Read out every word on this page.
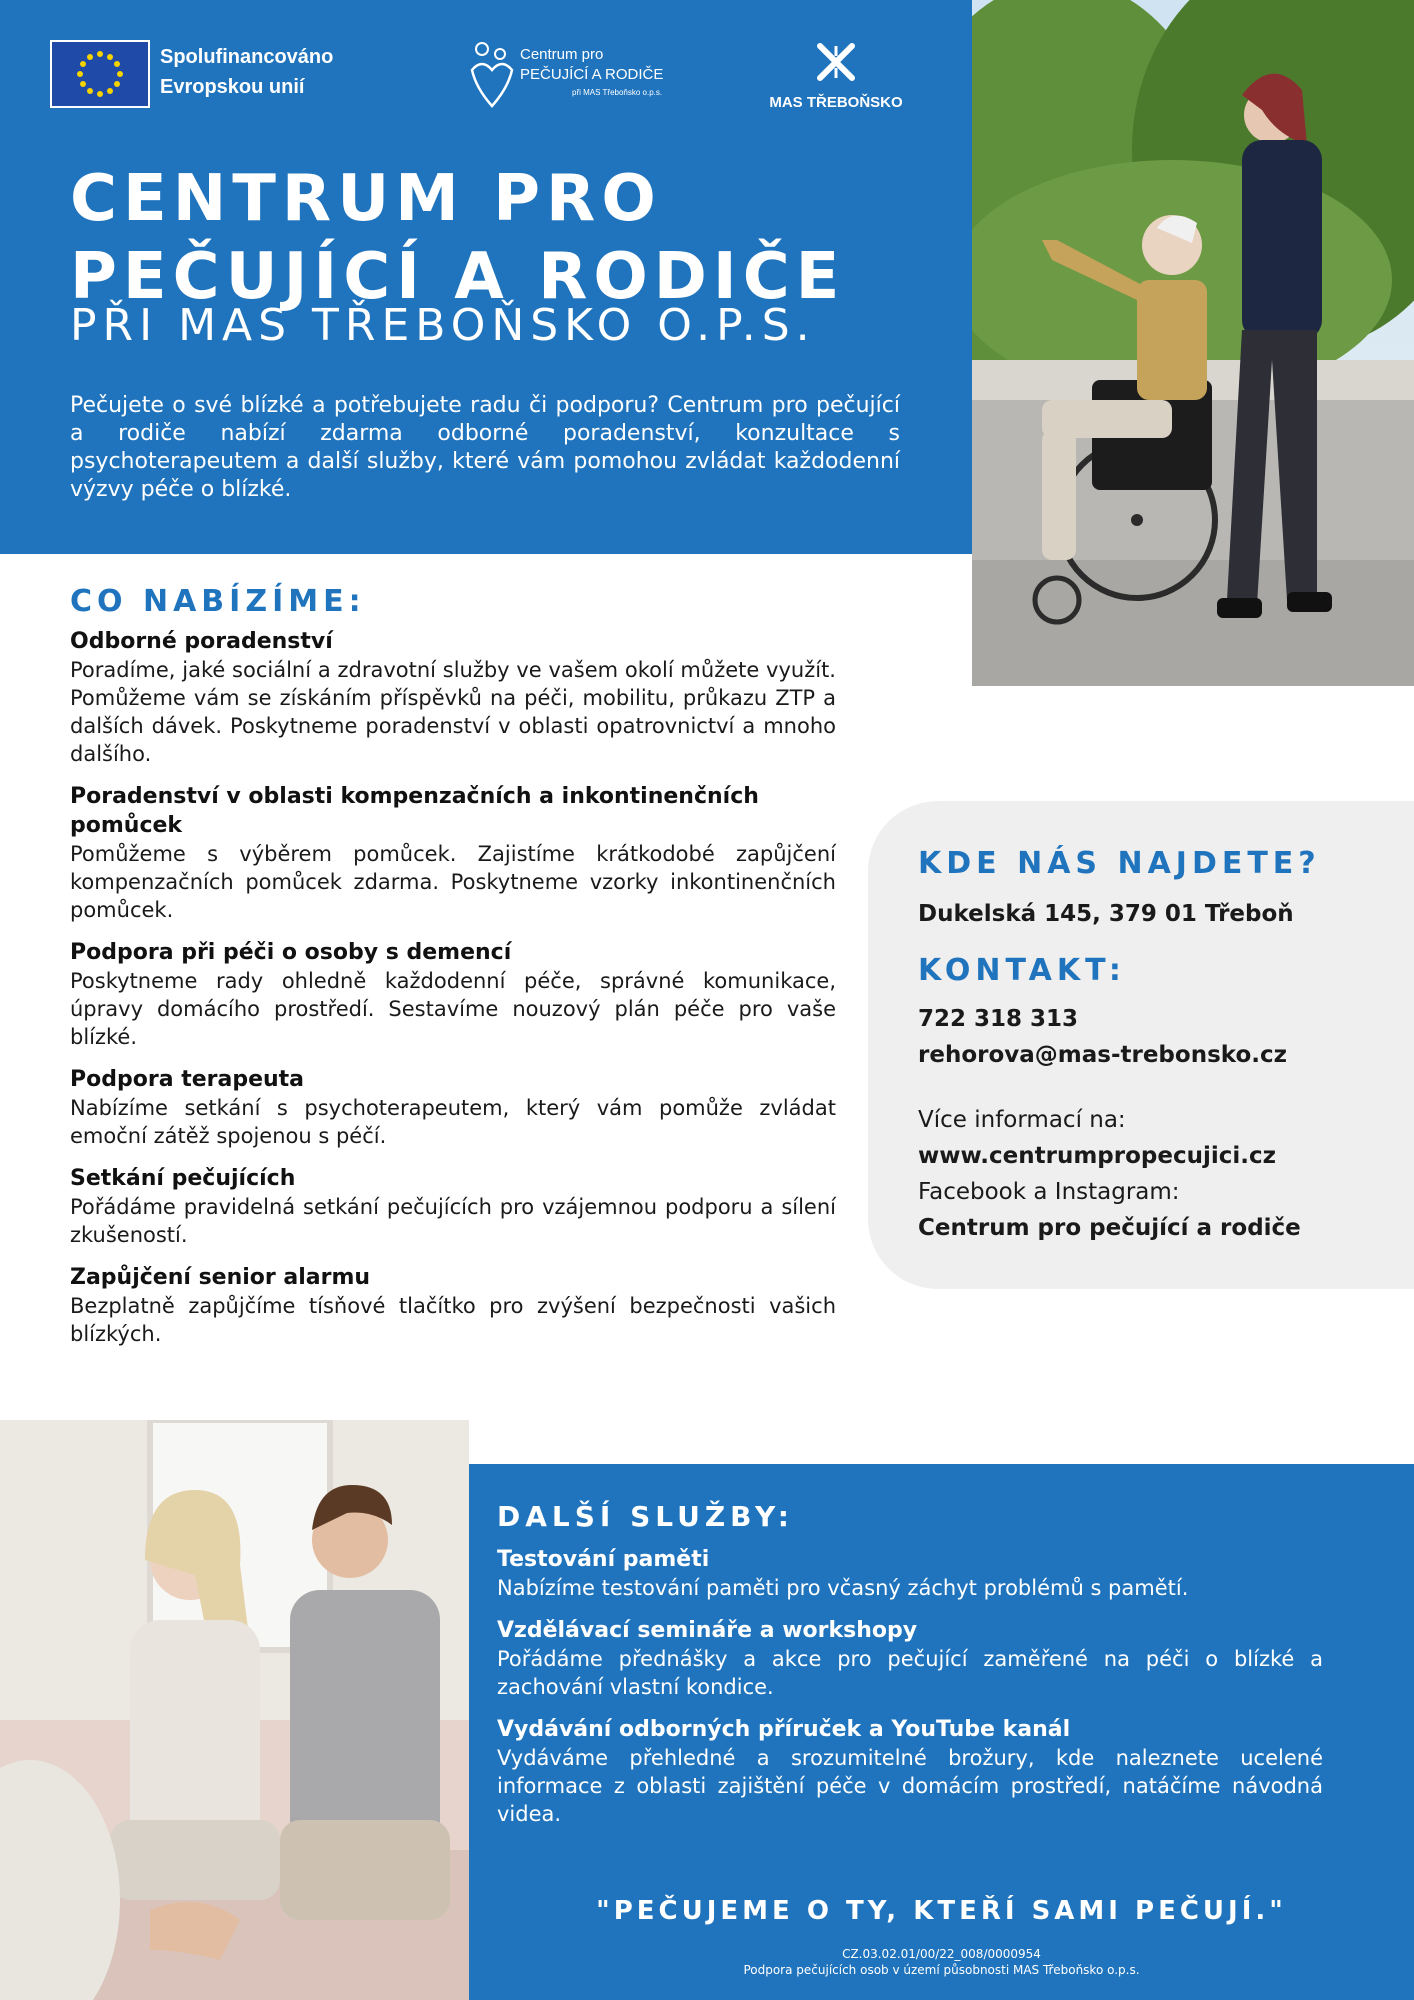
Spolufinancováno
Evropskou unií
Centrum pro
PEČUJÍCÍ A RODIČE
při MAS Třeboňsko o.p.s.
MAS TŘEBOŇSKO
CENTRUM PRO
PEČUJÍCÍ A RODIČE
PŘI MAS TŘEBOŇSKO O.P.S.
Pečujete o své blízké a potřebujete radu či podporu? Centrum pro pečující a rodiče nabízí zdarma odborné poradenství, konzultace s psychoterapeutem a další služby, které vám pomohou zvládat každodenní výzvy péče o blízké.
CO NABÍZÍME:
Odborné poradenství
Poradíme, jaké sociální a zdravotní služby ve vašem okolí můžete využít. Pomůžeme vám se získáním příspěvků na péči, mobilitu, průkazu ZTP a dalších dávek. Poskytneme poradenství v oblasti opatrovnictví a mnoho dalšího.
Poradenství v oblasti kompenzačních a inkontinenčních pomůcek
Pomůžeme s výběrem pomůcek. Zajistíme krátkodobé zapůjčení kompenzačních pomůcek zdarma. Poskytneme vzorky inkontinenčních pomůcek.
Podpora při péči o osoby s demencí
Poskytneme rady ohledně každodenní péče, správné komunikace, úpravy domácího prostředí. Sestavíme nouzový plán péče pro vaše blízké.
Podpora terapeuta
Nabízíme setkání s psychoterapeutem, který vám pomůže zvládat emoční zátěž spojenou s péčí.
Setkání pečujících
Pořádáme pravidelná setkání pečujících pro vzájemnou podporu a sílení zkušeností.
Zapůjčení senior alarmu
Bezplatně zapůjčíme tísňové tlačítko pro zvýšení bezpečnosti vašich blízkých.
KDE NÁS NAJDETE?
Dukelská 145, 379 01 Třeboň
KONTAKT:
722 318 313
rehorova@mas-trebonsko.cz
Více informací na:
www.centrumpropecujici.cz
Facebook a Instagram:
Centrum pro pečující a rodiče
DALŠÍ SLUŽBY:
Testování paměti
Nabízíme testování paměti pro včasný záchyt problémů s pamětí.
Vzdělávací semináře a workshopy
Pořádáme přednášky a akce pro pečující zaměřené na péči o blízké a zachování vlastní kondice.
Vydávání odborných příruček a YouTube kanál
Vydáváme přehledné a srozumitelné brožury, kde naleznete ucelené informace z oblasti zajištění péče v domácím prostředí, natáčíme návodná videa.
"PEČUJEME O TY, KTEŘÍ SAMI PEČUJÍ."
CZ.03.02.01/00/22_008/0000954
Podpora pečujících osob v území působnosti MAS Třeboňsko o.p.s.
